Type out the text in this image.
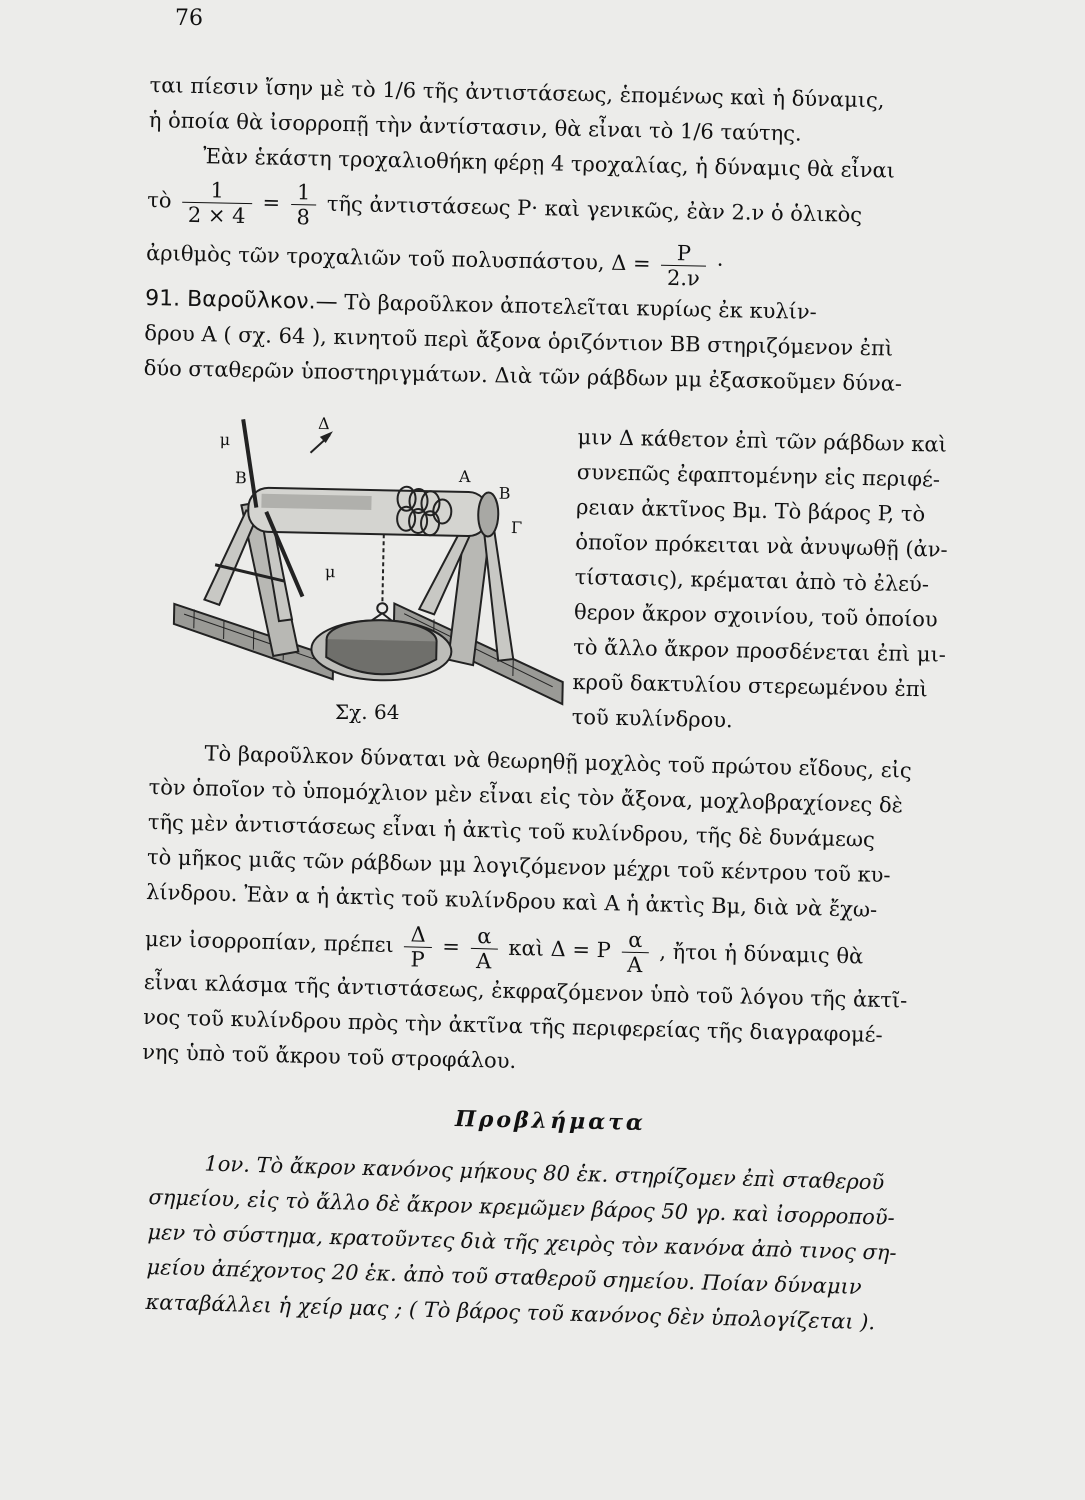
76
ται πίεσιν ἴσην μὲ τὸ 1/6 τῆς ἀντιστάσεως, ἑπομένως καὶ ἡ δύναμις,
ἡ ὁποία θὰ ἰσορροπῇ τὴν ἀντίστασιν, θὰ εἶναι τὸ 1/6 ταύτης.
Ἐὰν ἑκάστη τροχαλιοθήκη φέρῃ 4 τροχαλίας, ἡ δύναμις θὰ εἶναι
τὸ $\frac{1}{2 \times 4} = \frac{1}{8}$ τῆς ἀντιστάσεως P· καὶ γενικῶς, ἐὰν 2.ν ὁ ὁλικὸς
ἀριθμὸς τῶν τροχαλιῶν τοῦ πολυσπάστου, $\Delta = \frac{P}{2.\nu}$ ·
91. Βαροῦλκον.— Τὸ βαροῦλκον ἀποτελεῖται κυρίως ἐκ κυλίν-
δρου A ( σχ. 64 ), κινητοῦ περὶ ἄξονα ὁριζόντιον BB στηριζόμενον ἐπὶ
δύο σταθερῶν ὑποστηριγμάτων. Διὰ τῶν ράβδων μμ ἐξασκοῦμεν δύνα-
μ
Δ
B	A
B
Γ
μ
Σχ. 64
μιν Δ κάθετον ἐπὶ τῶν ράβδων καὶ
συνεπῶς ἐφαπτομένην εἰς περιφέ-
ρειαν ἀκτῖνος Bμ. Τὸ βάρος P, τὸ
ὁποῖον πρόκειται νὰ ἀνυψωθῇ (ἀν-
τίστασις), κρέμαται ἀπὸ τὸ ἐλεύ-
θερον ἄκρον σχοινίου, τοῦ ὁποίου
τὸ ἄλλο ἄκρον προσδένεται ἐπὶ μι-
κροῦ δακτυλίου στερεωμένου ἐπὶ
τοῦ κυλίνδρου.
Τὸ βαροῦλκον δύναται νὰ θεωρηθῇ μοχλὸς τοῦ πρώτου εἴδους, εἰς
τὸν ὁποῖον τὸ ὑπομόχλιον μὲν εἶναι εἰς τὸν ἄξονα, μοχλοβραχίονες δὲ
τῆς μὲν ἀντιστάσεως εἶναι ἡ ἀκτὶς τοῦ κυλίνδρου, τῆς δὲ δυνάμεως
τὸ μῆκος μιᾶς τῶν ράβδων μμ λογιζόμενον μέχρι τοῦ κέντρου τοῦ κυ-
λίνδρου. Ἐὰν α ἡ ἀκτὶς τοῦ κυλίνδρου καὶ A ἡ ἀκτὶς Bμ, διὰ νὰ ἔχω-
μεν ἰσορροπίαν, πρέπει $\frac{\Delta}{P} = \frac{\alpha}{A}$ καὶ Δ = P $\frac{\alpha}{A}$ , ἤτοι ἡ δύναμις θὰ
εἶναι κλάσμα τῆς ἀντιστάσεως, ἐκφραζόμενον ὑπὸ τοῦ λόγου τῆς ἀκτῖ-
νος τοῦ κυλίνδρου πρὸς τὴν ἀκτῖνα τῆς περιφερείας τῆς διαγραφομέ-
νης ὑπὸ τοῦ ἄκρου τοῦ στροφάλου.
Προβλήματα
1ον. Τὸ ἄκρον κανόνος μήκους 80 ἑκ. στηρίζομεν ἐπὶ σταθεροῦ
σημείου, εἰς τὸ ἄλλο δὲ ἄκρον κρεμῶμεν βάρος 50 γρ. καὶ ἰσορροποῦ-
μεν τὸ σύστημα, κρατοῦντες διὰ τῆς χειρὸς τὸν κανόνα ἀπὸ τινος ση-
μείου ἀπέχοντος 20 ἑκ. ἀπὸ τοῦ σταθεροῦ σημείου. Ποίαν δύναμιν
καταβάλλει ἡ χείρ μας ; ( Τὸ βάρος τοῦ κανόνος δὲν ὑπολογίζεται ).
